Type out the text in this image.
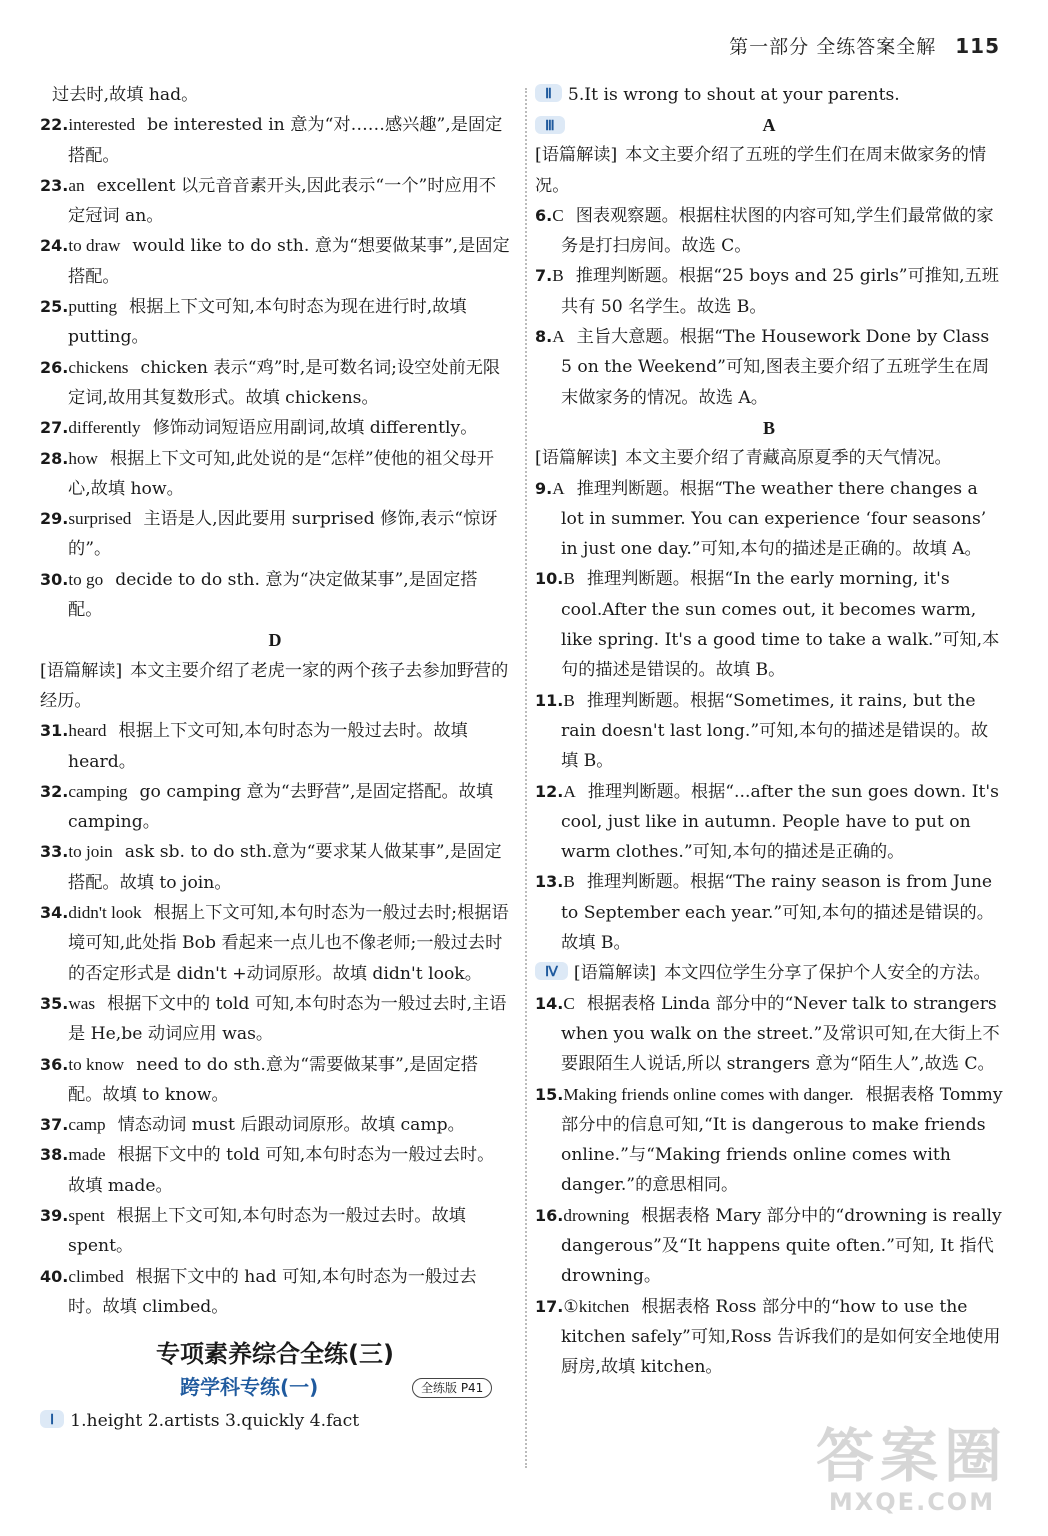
第一部分 全练答案全解 115

过去时,故填 had。

22.interested be interested in 意为“对……感兴趣”,是固定搭配。

23.an excellent 以元音音素开头,因此表示“一个”时应用不定冠词 an。

24.to draw would like to do sth. 意为“想要做某事”,是固定搭配。

25.putting 根据上下文可知,本句时态为现在进行时,故填 putting。

26.chickens chicken 表示“鸡”时,是可数名词;设空处前无限定词,故用其复数形式。故填 chickens。

27.differently 修饰动词短语应用副词,故填 differently。

28.how 根据上下文可知,此处说的是“怎样”使他的祖父母开心,故填 how。

29.surprised 主语是人,因此要用 surprised 修饰,表示“惊讶的”。

30.to go decide to do sth. 意为“决定做某事”,是固定搭配。

D

[语篇解读] 本文主要介绍了老虎一家的两个孩子去参加野营的经历。

31.heard 根据上下文可知,本句时态为一般过去时。故填 heard。

32.camping go camping 意为“去野营”,是固定搭配。故填 camping。

33.to join ask sb. to do sth.意为“要求某人做某事”,是固定搭配。故填 to join。

34.didn't look 根据上下文可知,本句时态为一般过去时;根据语境可知,此处指 Bob 看起来一点儿也不像老师;一般过去时的否定形式是 didn't +动词原形。故填 didn't look。

35.was 根据下文中的 told 可知,本句时态为一般过去时,主语是 He,be 动词应用 was。

36.to know need to do sth.意为“需要做某事”,是固定搭配。故填 to know。

37.camp 情态动词 must 后跟动词原形。故填 camp。

38.made 根据下文中的 told 可知,本句时态为一般过去时。故填 made。

39.spent 根据上下文可知,本句时态为一般过去时。故填 spent。

40.climbed 根据下文中的 had 可知,本句时态为一般过去时。故填 climbed。

专项素养综合全练(三)
跨学科专练(一)	全练版 P41

Ⅰ 1.height 2.artists 3.quickly 4.fact

Ⅱ 5.It is wrong to shout at your parents.

Ⅲ	A

[语篇解读] 本文主要介绍了五班的学生们在周末做家务的情况。

6.C 图表观察题。根据柱状图的内容可知,学生们最常做的家务是打扫房间。故选 C。

7.B 推理判断题。根据“25 boys and 25 girls”可推知,五班共有 50 名学生。故选 B。

8.A 主旨大意题。根据“The Housework Done by Class 5 on the Weekend”可知,图表主要介绍了五班学生在周末做家务的情况。故选 A。

B

[语篇解读] 本文主要介绍了青藏高原夏季的天气情况。

9.A 推理判断题。根据“The weather there changes a lot in summer. You can experience ‘four seasons’ in just one day.”可知,本句的描述是正确的。故填 A。

10.B 推理判断题。根据“In the early morning, it's cool.After the sun comes out, it becomes warm, like spring. It's a good time to take a walk.”可知,本句的描述是错误的。故填 B。

11.B 推理判断题。根据“Sometimes, it rains, but the rain doesn't last long.”可知,本句的描述是错误的。故填 B。

12.A 推理判断题。根据“...after the sun goes down. It's cool, just like in autumn. People have to put on warm clothes.”可知,本句的描述是正确的。

13.B 推理判断题。根据“The rainy season is from June to September each year.”可知,本句的描述是错误的。故填 B。

Ⅳ [语篇解读] 本文四位学生分享了保护个人安全的方法。

14.C 根据表格 Linda 部分中的“Never talk to strangers when you walk on the street.”及常识可知,在大街上不要跟陌生人说话,所以 strangers 意为“陌生人”,故选 C。

15.Making friends online comes with danger. 根据表格 Tommy 部分中的信息可知,“It is dangerous to make friends online.”与“Making friends online comes with danger.”的意思相同。

16.drowning 根据表格 Mary 部分中的“drowning is really dangerous”及“It happens quite often.”可知, It 指代 drowning。

17.①kitchen 根据表格 Ross 部分中的“how to use the kitchen safely”可知,Ross 告诉我们的是如何安全地使用厨房,故填 kitchen。

答案圈
MXQE.COM
